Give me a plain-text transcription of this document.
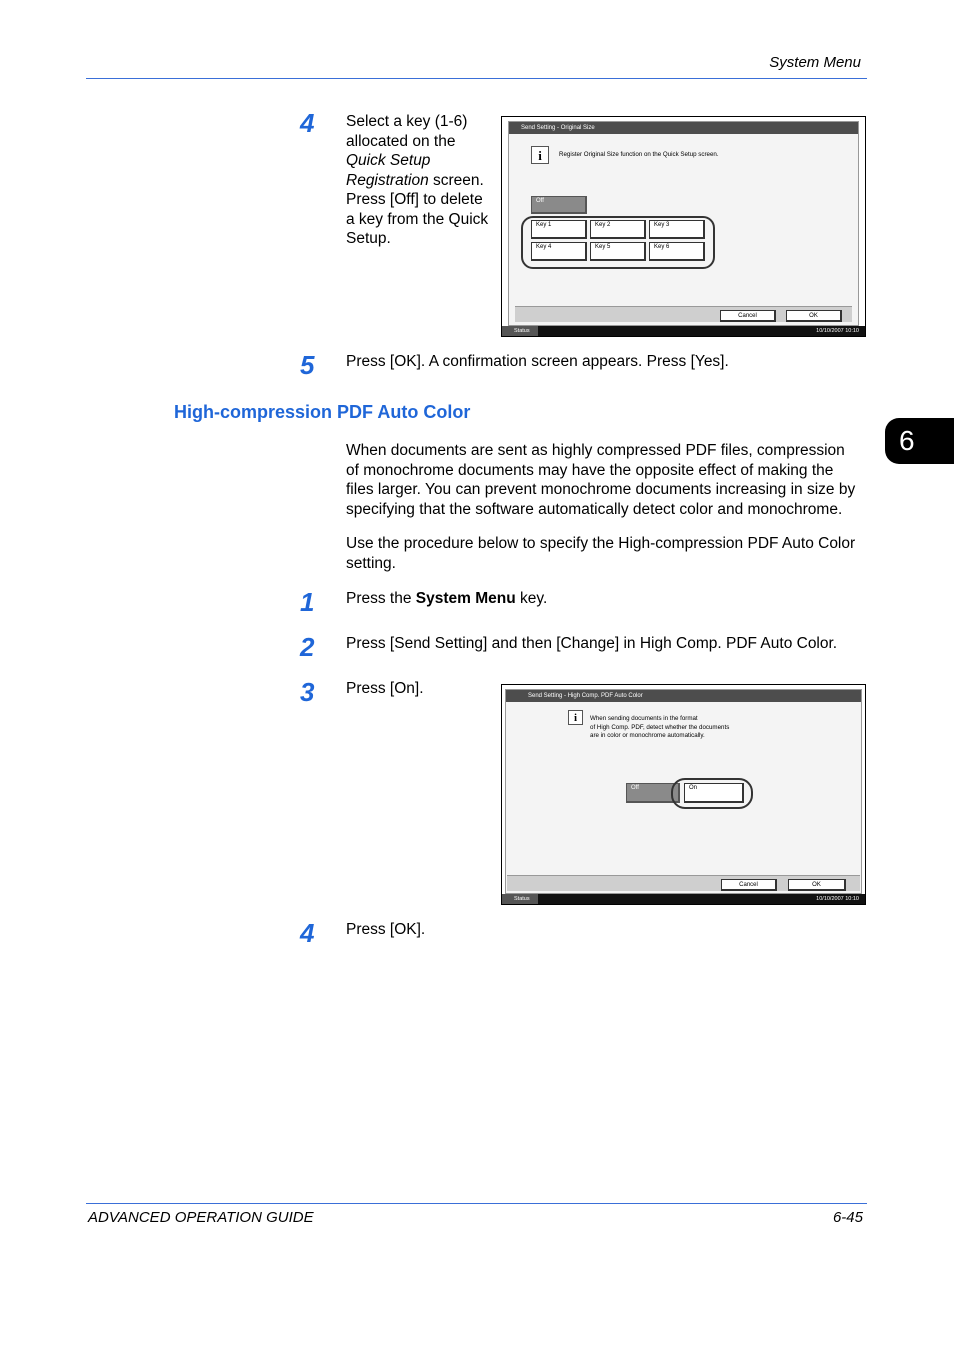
System Menu
6
4 Select a key (1-6)
allocated on the
Quick Setup
Registration screen.
Press [Off] to delete
a key from the Quick
Setup.
Send Setting - Original Size
i	Register Original Size function on the Quick Setup screen.
Off
Key 1	Key 2	Key 3
Key 4	Key 5	Key 6
Cancel	OK
Status	10/10/2007 10:10
5 Press [OK]. A confirmation screen appears. Press [Yes].
High-compression PDF Auto Color
When documents are sent as highly compressed PDF files, compression
of monochrome documents may have the opposite effect of making the
files larger. You can prevent monochrome documents increasing in size by
specifying that the software automatically detect color and monochrome.
Use the procedure below to specify the High-compression PDF Auto Color
setting.
1 Press the System Menu key.
2 Press [Send Setting] and then [Change] in High Comp. PDF Auto Color.
3 Press [On].	Send Setting - High Comp. PDF Auto Color
i	When sending documents in the format
of High Comp. PDF, detect whether the documents
are in color or monochrome automatically.
Off	On
Cancel	OK
Status	10/10/2007 10:10
4 Press [OK].
ADVANCED OPERATION GUIDE	6-45
